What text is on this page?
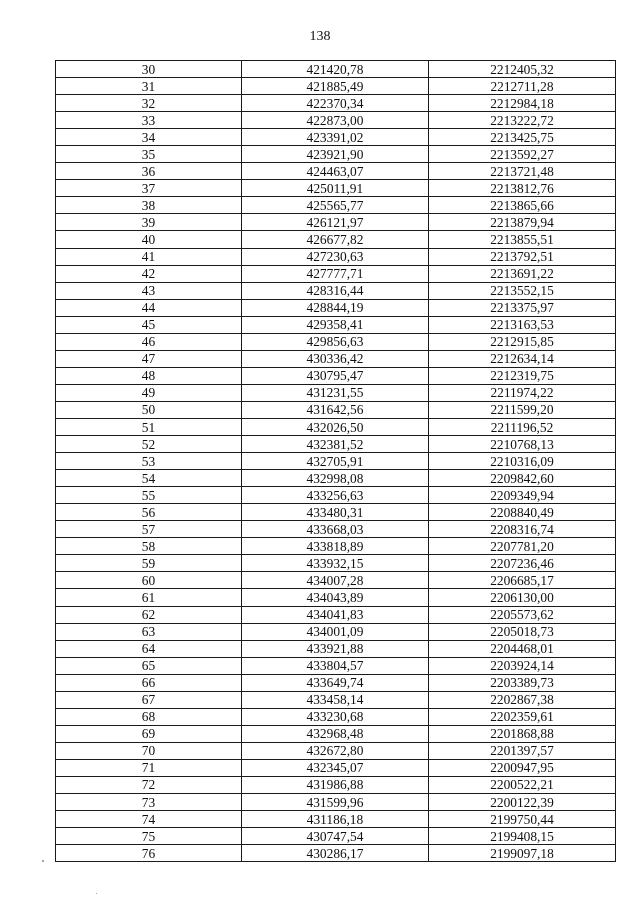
138
30	421420,78	2212405,32
31	421885,49	2212711,28
32	422370,34	2212984,18
33	422873,00	2213222,72
34	423391,02	2213425,75
35	423921,90	2213592,27
36	424463,07	2213721,48
37	425011,91	2213812,76
38	425565,77	2213865,66
39	426121,97	2213879,94
40	426677,82	2213855,51
41	427230,63	2213792,51
42	427777,71	2213691,22
43	428316,44	2213552,15
44	428844,19	2213375,97
45	429358,41	2213163,53
46	429856,63	2212915,85
47	430336,42	2212634,14
48	430795,47	2212319,75
49	431231,55	2211974,22
50	431642,56	2211599,20
51	432026,50	2211196,52
52	432381,52	2210768,13
53	432705,91	2210316,09
54	432998,08	2209842,60
55	433256,63	2209349,94
56	433480,31	2208840,49
57	433668,03	2208316,74
58	433818,89	2207781,20
59	433932,15	2207236,46
60	434007,28	2206685,17
61	434043,89	2206130,00
62	434041,83	2205573,62
63	434001,09	2205018,73
64	433921,88	2204468,01
65	433804,57	2203924,14
66	433649,74	2203389,73
67	433458,14	2202867,38
68	433230,68	2202359,61
69	432968,48	2201868,88
70	432672,80	2201397,57
71	432345,07	2200947,95
72	431986,88	2200522,21
73	431599,96	2200122,39
74	431186,18	2199750,44
75	430747,54	2199408,15
76	430286,17	2199097,18
